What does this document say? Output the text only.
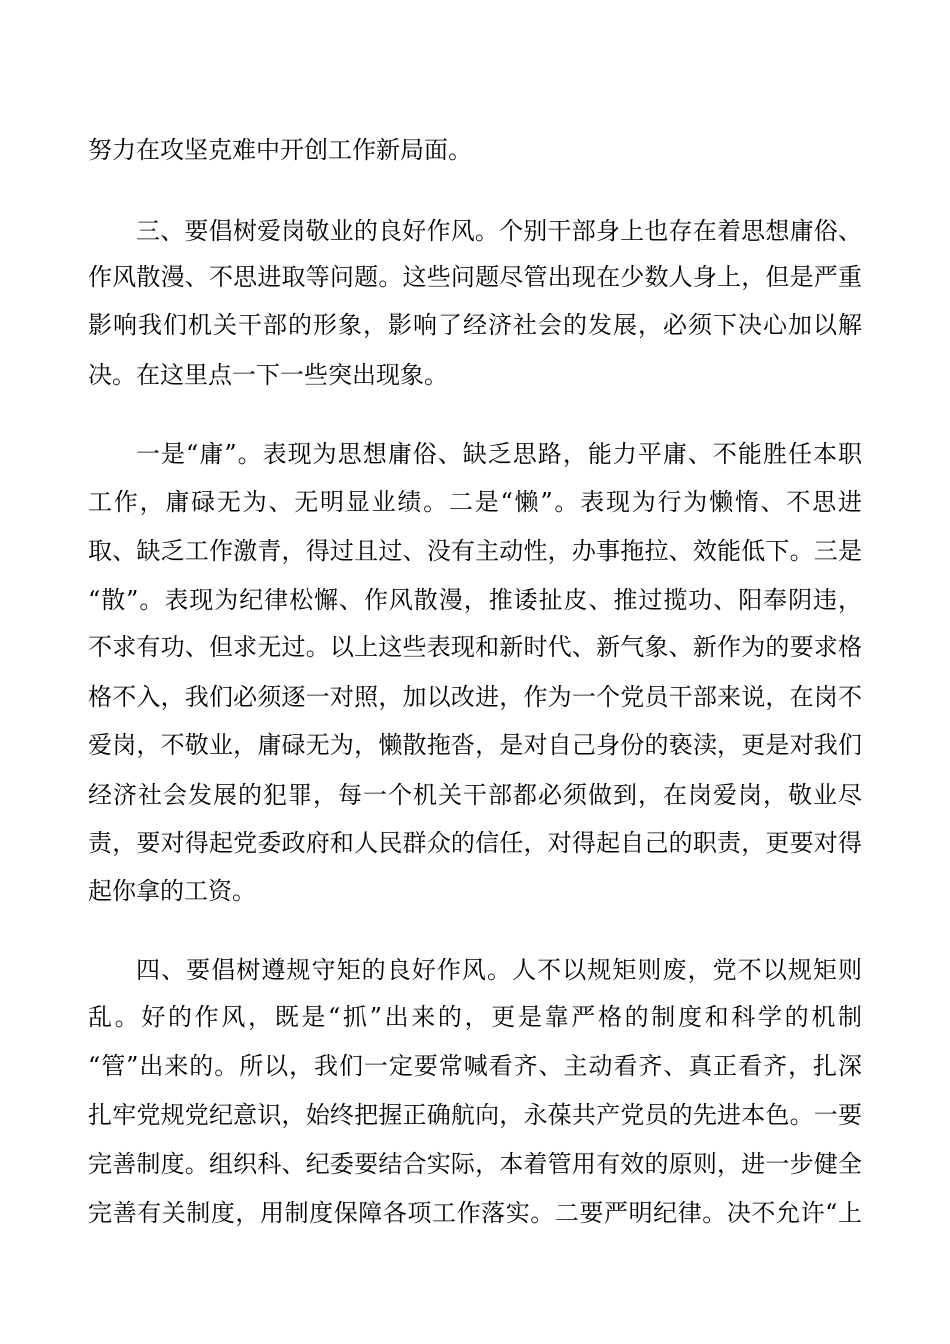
努力在攻坚克难中开创工作新局面。
三、要倡树爱岗敬业的良好作风。个别干部身上也存在着思想庸俗、
作风散漫、不思进取等问题。这些问题尽管出现在少数人身上，但是严重
影响我们机关干部的形象，影响了经济社会的发展，必须下决心加以解
决。在这里点一下一些突出现象。
一是“庸”。表现为思想庸俗、缺乏思路，能力平庸、不能胜任本职
工作，庸碌无为、无明显业绩。二是“懒”。表现为行为懒惰、不思进
取、缺乏工作激青，得过且过、没有主动性，办事拖拉、效能低下。三是
“散”。表现为纪律松懈、作风散漫，推诿扯皮、推过揽功、阳奉阴违，
不求有功、但求无过。以上这些表现和新时代、新气象、新作为的要求格
格不入，我们必须逐一对照，加以改进，作为一个党员干部来说，在岗不
爱岗，不敬业，庸碌无为，懒散拖沓，是对自己身份的亵渎，更是对我们
经济社会发展的犯罪，每一个机关干部都必须做到，在岗爱岗，敬业尽
责，要对得起党委政府和人民群众的信任，对得起自己的职责，更要对得
起你拿的工资。
四、要倡树遵规守矩的良好作风。人不以规矩则废，党不以规矩则
乱。好的作风，既是“抓”出来的，更是靠严格的制度和科学的机制
“管”出来的。所以，我们一定要常喊看齐、主动看齐、真正看齐，扎深
扎牢党规党纪意识，始终把握正确航向，永葆共产党员的先进本色。一要
完善制度。组织科、纪委要结合实际，本着管用有效的原则，进一步健全
完善有关制度，用制度保障各项工作落实。二要严明纪律。决不允许“上
